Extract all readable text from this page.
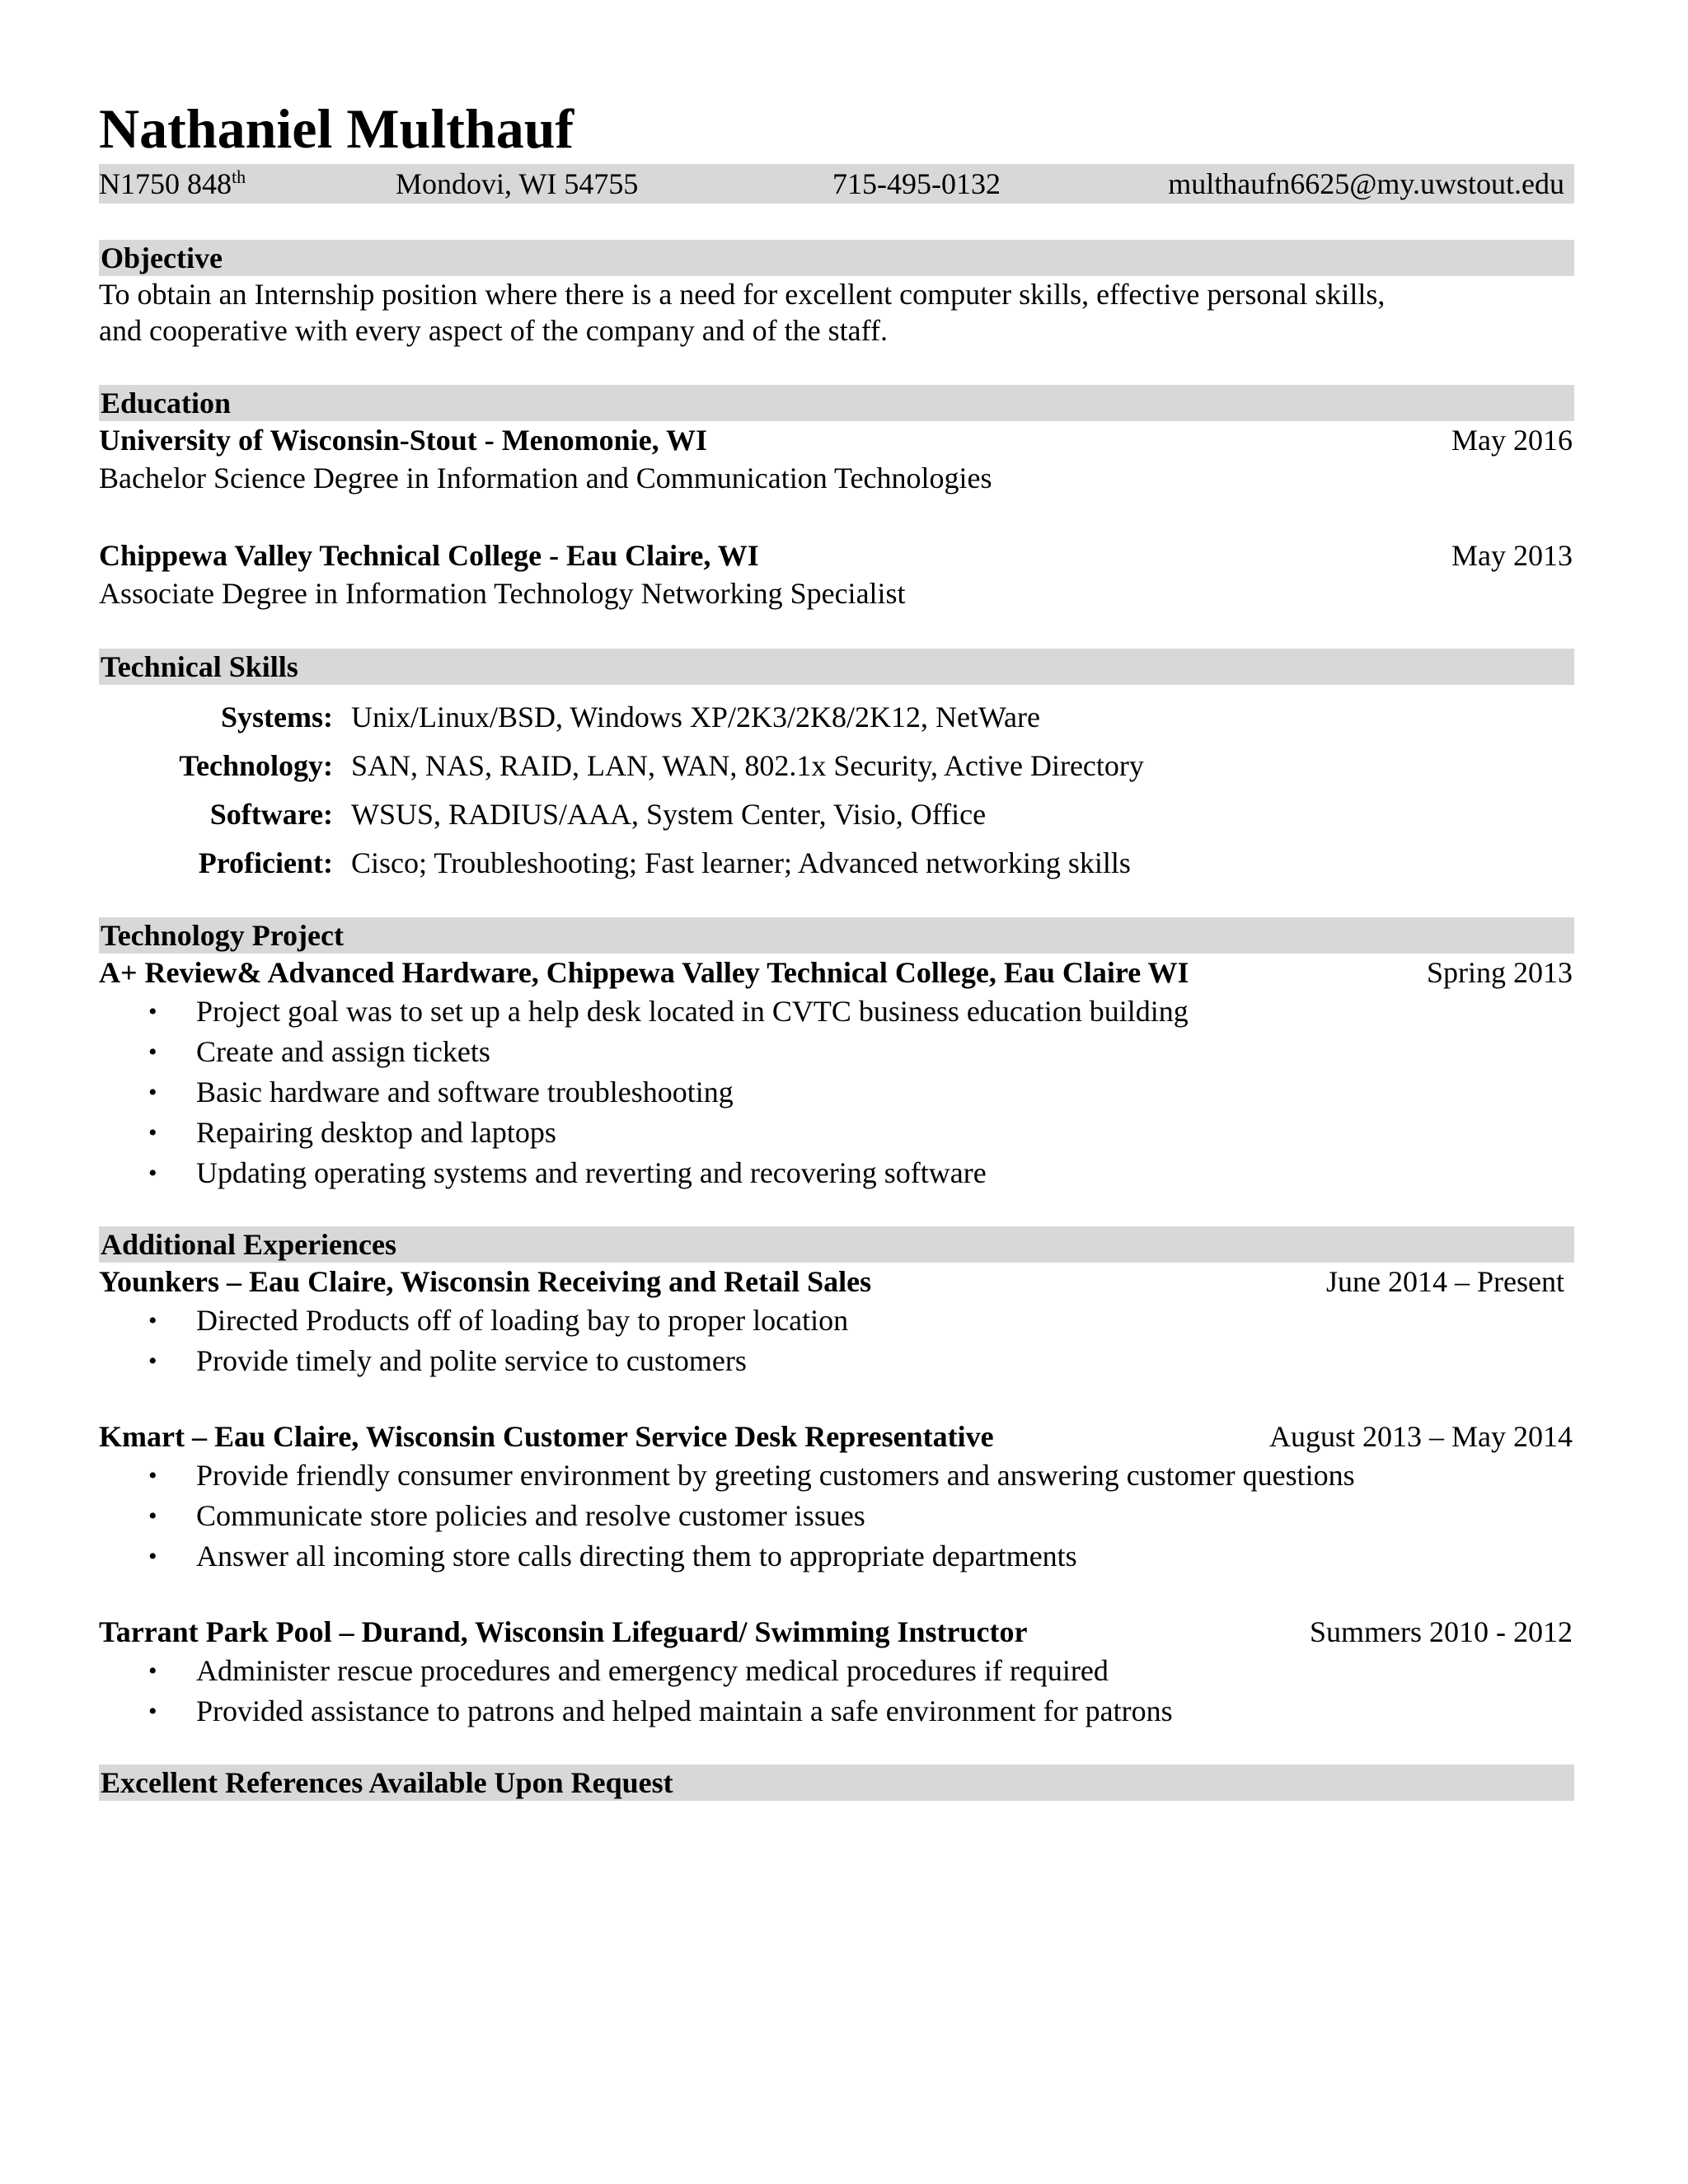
Nathaniel Multhauf
N1750 848th	Mondovi, WI 54755	715-495-0132	multhaufn6625@my.uwstout.edu
Objective
To obtain an Internship position where there is a need for excellent computer skills, effective personal skills,
and cooperative with every aspect of the company and of the staff.
Education
University of Wisconsin-Stout - Menomonie, WI	May 2016
Bachelor Science Degree in Information and Communication Technologies
Chippewa Valley Technical College - Eau Claire, WI	May 2013
Associate Degree in Information Technology Networking Specialist
Technical Skills
Systems: Unix/Linux/BSD, Windows XP/2K3/2K8/2K12, NetWare
Technology: SAN, NAS, RAID, LAN, WAN, 802.1x Security, Active Directory
Software: WSUS, RADIUS/AAA, System Center, Visio, Office
Proficient: Cisco; Troubleshooting; Fast learner; Advanced networking skills
Technology Project
A+ Review& Advanced Hardware, Chippewa Valley Technical College, Eau Claire WI	Spring 2013
• Project goal was to set up a help desk located in CVTC business education building
• Create and assign tickets
• Basic hardware and software troubleshooting
• Repairing desktop and laptops
• Updating operating systems and reverting and recovering software
Additional Experiences
Younkers – Eau Claire, Wisconsin Receiving and Retail Sales	June 2014 – Present
• Directed Products off of loading bay to proper location
• Provide timely and polite service to customers
Kmart – Eau Claire, Wisconsin Customer Service Desk Representative	August 2013 – May 2014
• Provide friendly consumer environment by greeting customers and answering customer questions
• Communicate store policies and resolve customer issues
• Answer all incoming store calls directing them to appropriate departments
Tarrant Park Pool – Durand, Wisconsin Lifeguard/ Swimming Instructor	Summers 2010 - 2012
• Administer rescue procedures and emergency medical procedures if required
• Provided assistance to patrons and helped maintain a safe environment for patrons
Excellent References Available Upon Request
